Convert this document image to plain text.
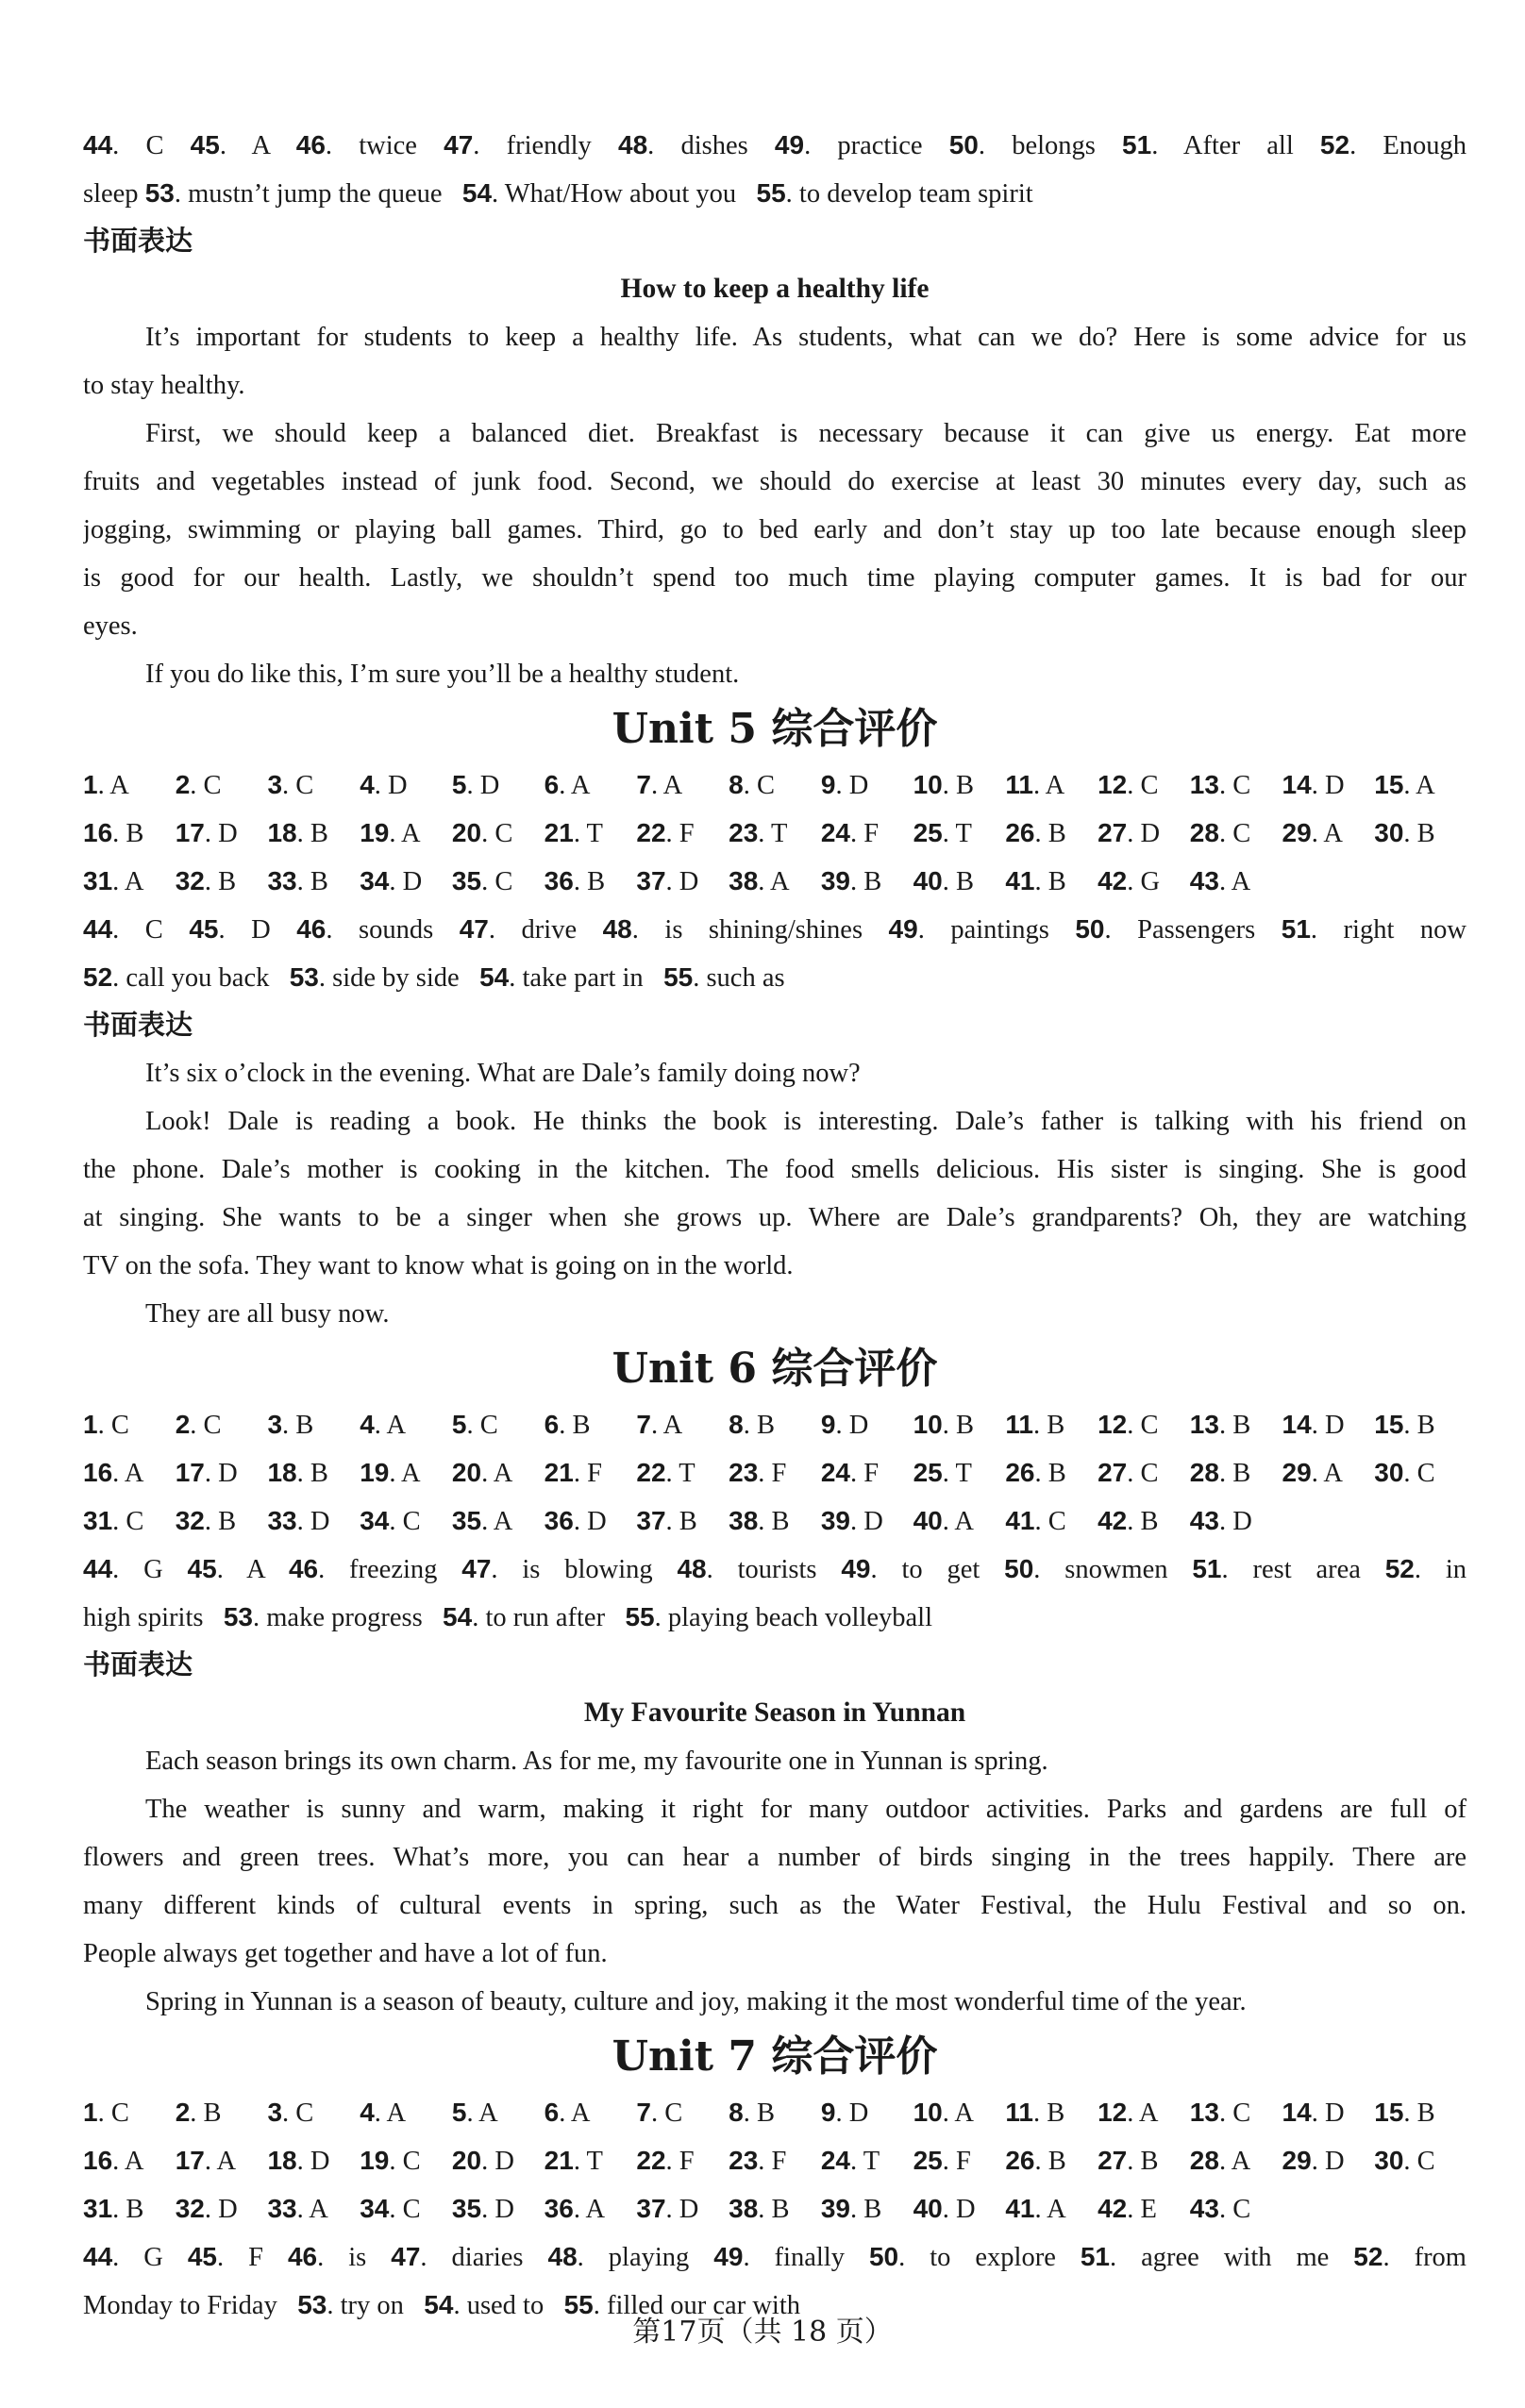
44. C 45. A 46. twice 47. friendly 48. dishes 49. practice 50. belongs 51. After all 52. Enough
sleep 53. mustn’t jump the queue   54. What/How about you   55. to develop team spirit
书面表达
How to keep a healthy life
It’s important for students to keep a healthy life. As students, what can we do? Here is some advice for us
to stay healthy.
First, we should keep a balanced diet. Breakfast is necessary because it can give us energy. Eat more
fruits and vegetables instead of junk food. Second, we should do exercise at least 30 minutes every day, such as
jogging, swimming or playing ball games. Third, go to bed early and don’t stay up too late because enough sleep
is good for our health. Lastly, we shouldn’t spend too much time playing computer games. It is bad for our
eyes.
If you do like this, I’m sure you’ll be a healthy student.
Unit 5 综合评价
1. A	2. C	3. C	4. D	5. D	6. A	7. A	8. C	9. D	10. B	11. A	12. C	13. C	14. D	15. A
16. B	17. D	18. B	19. A	20. C	21. T	22. F	23. T	24. F	25. T	26. B	27. D	28. C	29. A	30. B
31. A	32. B	33. B	34. D	35. C	36. B	37. D	38. A	39. B	40. B	41. B	42. G	43. A
44. C 45. D 46. sounds 47. drive 48. is shining/shines 49. paintings 50. Passengers 51. right now
52. call you back   53. side by side   54. take part in   55. such as
书面表达
It’s six o’clock in the evening. What are Dale’s family doing now?
Look! Dale is reading a book. He thinks the book is interesting. Dale’s father is talking with his friend on
the phone. Dale’s mother is cooking in the kitchen. The food smells delicious. His sister is singing. She is good
at singing. She wants to be a singer when she grows up. Where are Dale’s grandparents? Oh, they are watching
TV on the sofa. They want to know what is going on in the world.
They are all busy now.
Unit 6 综合评价
1. C	2. C	3. B	4. A	5. C	6. B	7. A	8. B	9. D	10. B	11. B	12. C	13. B	14. D	15. B
16. A	17. D	18. B	19. A	20. A	21. F	22. T	23. F	24. F	25. T	26. B	27. C	28. B	29. A	30. C
31. C	32. B	33. D	34. C	35. A	36. D	37. B	38. B	39. D	40. A	41. C	42. B	43. D
44. G 45. A 46. freezing 47. is blowing 48. tourists 49. to get 50. snowmen 51. rest area 52. in
high spirits   53. make progress   54. to run after   55. playing beach volleyball
书面表达
My Favourite Season in Yunnan
Each season brings its own charm. As for me, my favourite one in Yunnan is spring.
The weather is sunny and warm, making it right for many outdoor activities. Parks and gardens are full of
flowers and green trees. What’s more, you can hear a number of birds singing in the trees happily. There are
many different kinds of cultural events in spring, such as the Water Festival, the Hulu Festival and so on.
People always get together and have a lot of fun.
Spring in Yunnan is a season of beauty, culture and joy, making it the most wonderful time of the year.
Unit 7 综合评价
1. C	2. B	3. C	4. A	5. A	6. A	7. C	8. B	9. D	10. A	11. B	12. A	13. C	14. D	15. B
16. A	17. A	18. D	19. C	20. D	21. T	22. F	23. F	24. T	25. F	26. B	27. B	28. A	29. D	30. C
31. B	32. D	33. A	34. C	35. D	36. A	37. D	38. B	39. B	40. D	41. A	42. E	43. C
44. G 45. F 46. is 47. diaries 48. playing 49. finally 50. to explore 51. agree with me 52. from
Monday to Friday   53. try on   54. used to   55. filled our car with
第17页（共 18 页）
